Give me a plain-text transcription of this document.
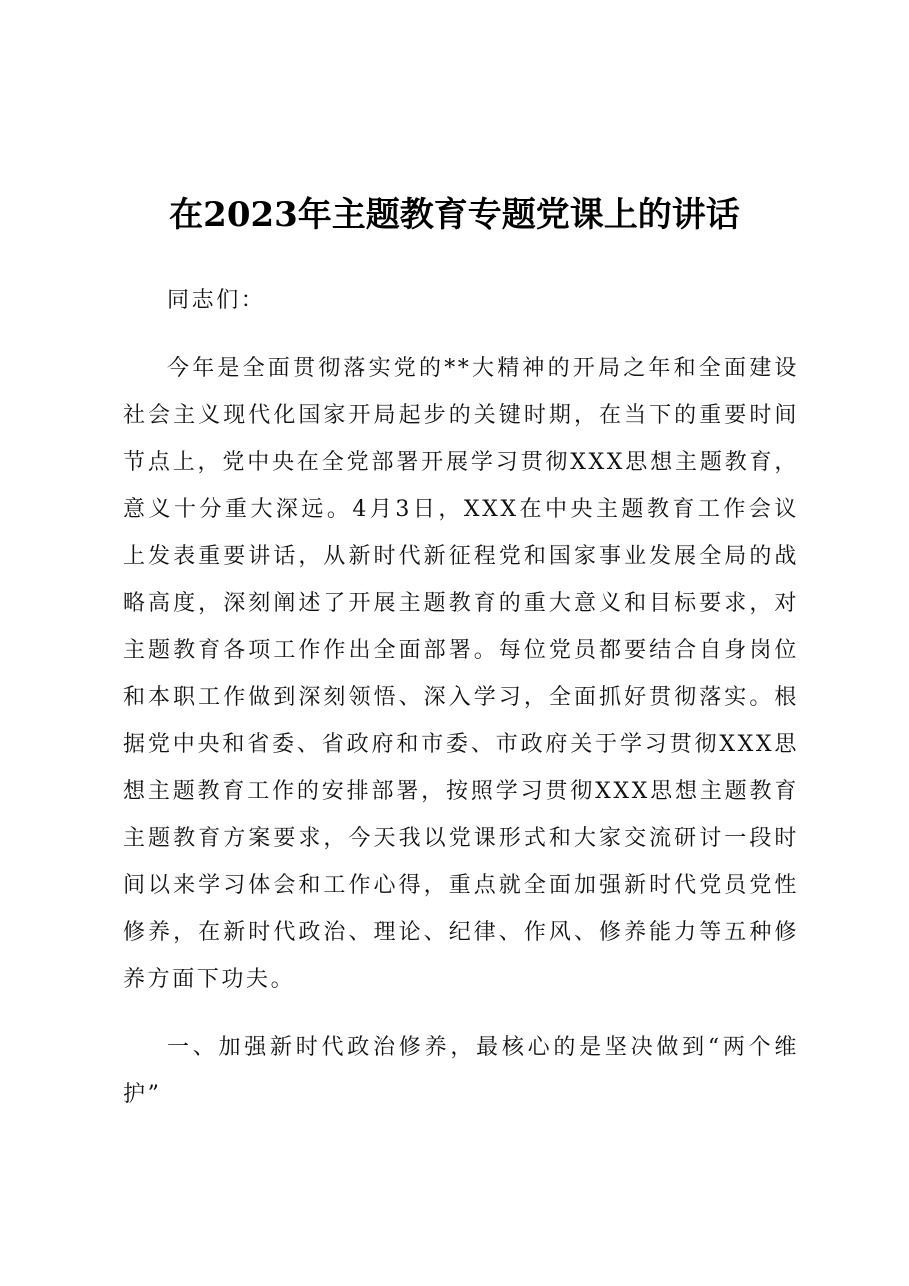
在2023年主题教育专题党课上的讲话

同志们：

今年是全面贯彻落实党的**大精神的开局之年和全面建设社会主义现代化国家开局起步的关键时期，在当下的重要时间节点上，党中央在全党部署开展学习贯彻XXX思想主题教育，意义十分重大深远。4月3日，XXX在中央主题教育工作会议上发表重要讲话，从新时代新征程党和国家事业发展全局的战略高度，深刻阐述了开展主题教育的重大意义和目标要求，对主题教育各项工作作出全面部署。每位党员都要结合自身岗位和本职工作做到深刻领悟、深入学习，全面抓好贯彻落实。根据党中央和省委、省政府和市委、市政府关于学习贯彻XXX思想主题教育工作的安排部署，按照学习贯彻XXX思想主题教育主题教育方案要求，今天我以党课形式和大家交流研讨一段时间以来学习体会和工作心得，重点就全面加强新时代党员党性修养，在新时代政治、理论、纪律、作风、修养能力等五种修养方面下功夫。

一、加强新时代政治修养，最核心的是坚决做到“两个维护”
